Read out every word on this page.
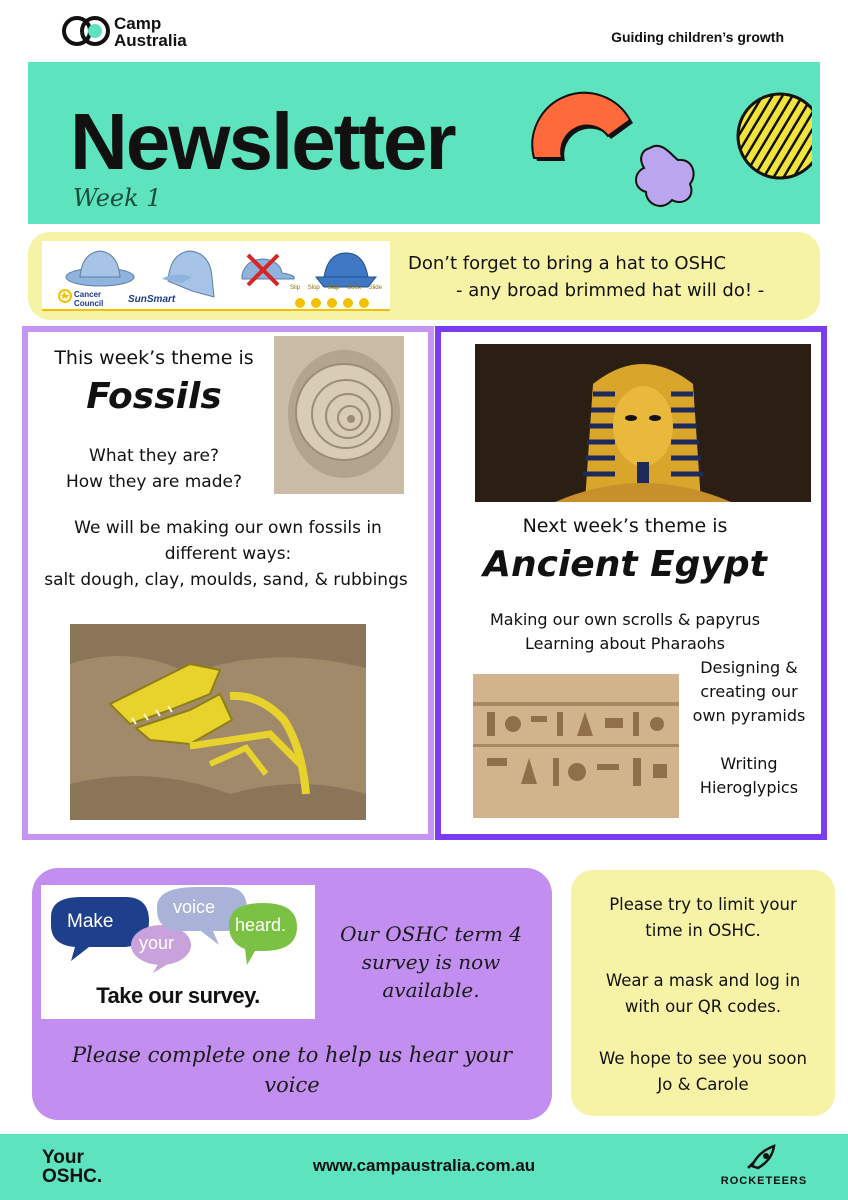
Camp
Australia	Guiding children’s growth
Newsletter
Week 1
Cancer Council	SunSmart
Slip Slop Slap Seek Slide
Don’t forget to bring a hat to OSHC
- any broad brimmed hat will do! -
This week’s theme is
Fossils
What they are?
How they are made?
We will be making our own fossils in
different ways:
salt dough, clay, moulds, sand, & rubbings
Next week’s theme is
Ancient Egypt
Making our own scrolls & papyrus
Learning about Pharaohs
Designing &
creating our
own pyramids
Writing
Hieroglypics
Make
your
voice
heard.
Take our survey.
Our OSHC term 4 survey is now available.
Please complete one to help us hear your voice
Please try to limit your
time in OSHC.
Wear a mask and log in
with our QR codes.
We hope to see you soon
Jo & Carole
Your
OSHC.
www.campaustralia.com.au
ROCKETEERS
